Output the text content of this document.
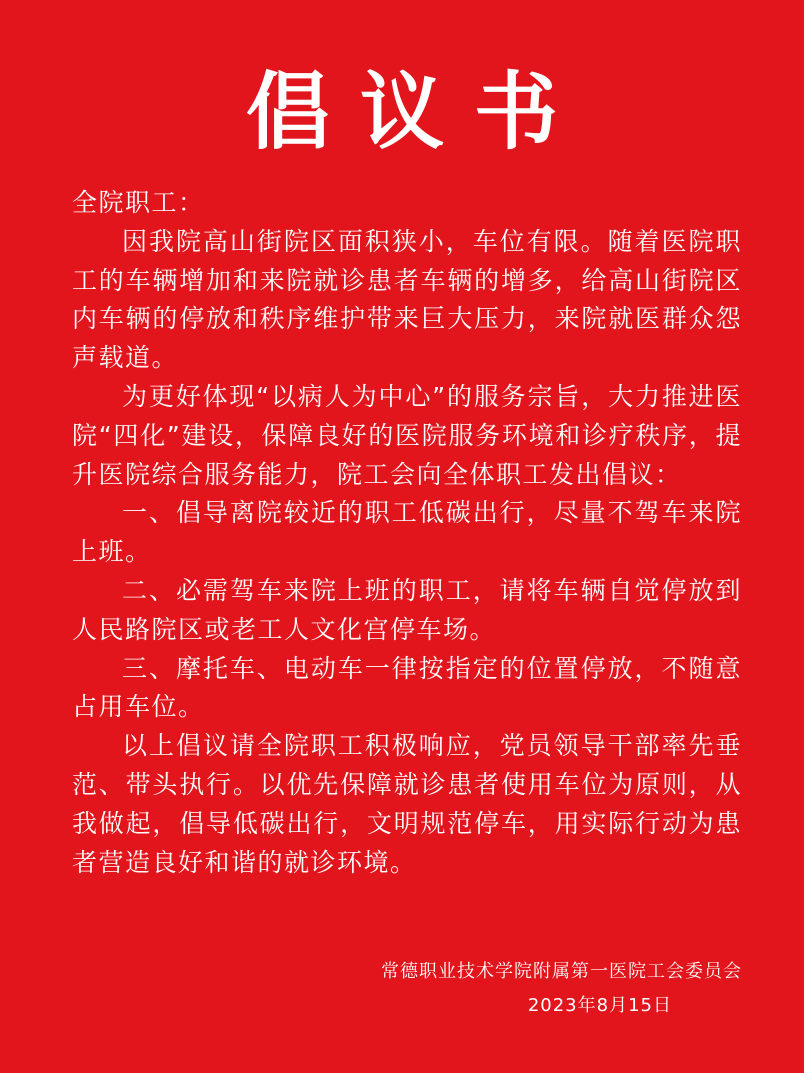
倡议书

全院职工：

因我院高山街院区面积狭小，车位有限。随着医院职工的车辆增加和来院就诊患者车辆的增多，给高山街院区内车辆的停放和秩序维护带来巨大压力，来院就医群众怨声载道。

为更好体现“以病人为中心”的服务宗旨，大力推进医院“四化”建设，保障良好的医院服务环境和诊疗秩序，提升医院综合服务能力，院工会向全体职工发出倡议：

一、倡导离院较近的职工低碳出行，尽量不驾车来院上班。

二、必需驾车来院上班的职工，请将车辆自觉停放到人民路院区或老工人文化宫停车场。

三、摩托车、电动车一律按指定的位置停放，不随意占用车位。

以上倡议请全院职工积极响应，党员领导干部率先垂范、带头执行。以优先保障就诊患者使用车位为原则，从我做起，倡导低碳出行，文明规范停车，用实际行动为患者营造良好和谐的就诊环境。

常德职业技术学院附属第一医院工会委员会
2023年8月15日
